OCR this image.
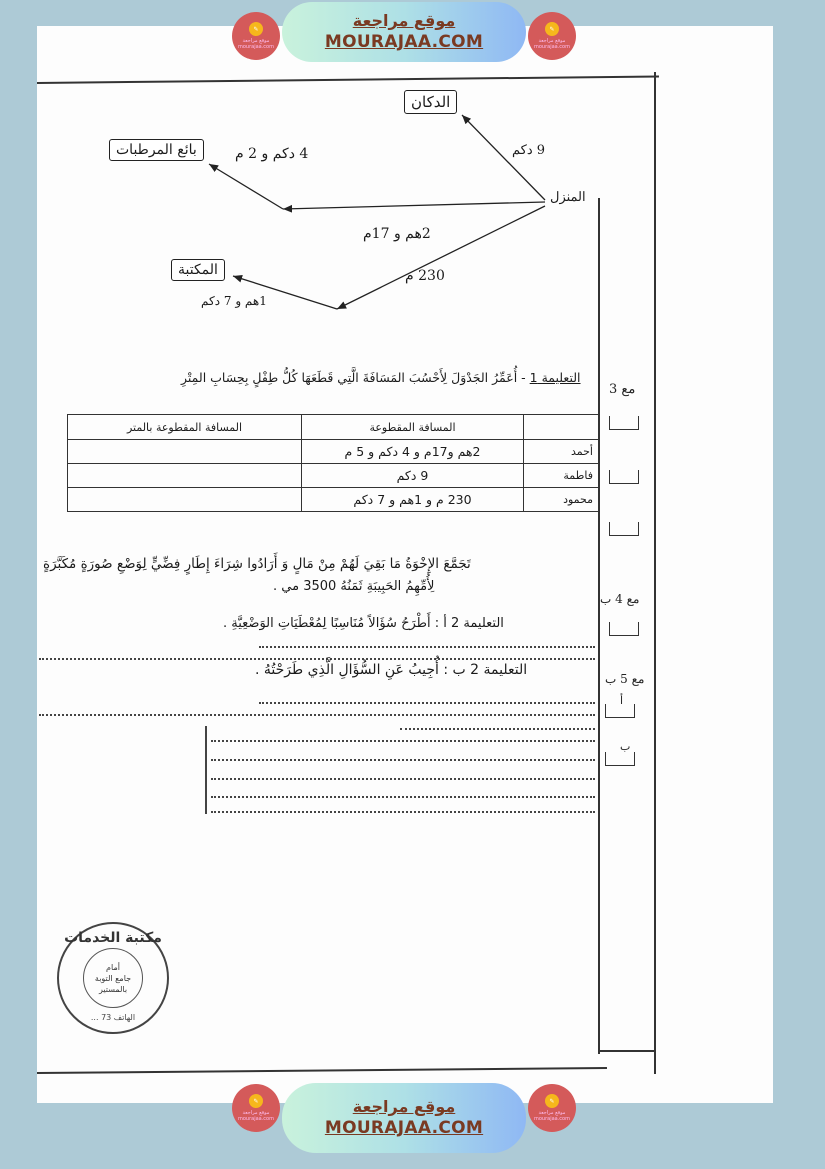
✎
موقع مراجعة mourajaa.com
موقع مراجعة
MOURAJAA.COM
✎
موقع مراجعة mourajaa.com
الدكان
بائع المرطبات
المنزل
المكتبة
9 دكم
4 دكم و 2 م
2هم و 17م
230 م
1هم و 7 دكم
التعليمة 1 - أُعَمِّرُ الجَدْوَلَ لِأَحْسُبَ المَسَافَةَ الَّتِي قَطَعَهَا كُلُّ طِفْلٍ بِحِسَابِ المِتْرِ
	المسافة المقطوعة	المسافة المقطوعة بالمتر
أحمد	2هم و17م و 4 دكم و 5 م	
فاطمة	9 دكم	
محمود	230 م و 1هم و 7 دكم	
تَجَمَّعَ الإِخْوَةُ مَا بَقِيَ لَهُمْ مِنْ مَالٍ وَ أَرَادُوا شِرَاءَ إِطَارٍ فِضِّيٍّ لِوَضْعِ صُورَةٍ مُكَبَّرَةٍ
لِأُمِّهِمُ الحَبِيبَةِ ثَمَنُهُ 3500 مي .
التعليمة 2 أ : أَطْرَحُ سُؤَالاً مُنَاسِبًا لِمُعْطَيَاتِ الوَضْعِيَّةِ .
التعليمة 2 ب : أُجِيبُ عَنِ السُّؤَالِ الَّذِي طَرَحْتُهُ .
مع 3
مع 4 ب
مع 5 ب
أ
ب
مكتبة الخدمات
أمام
جامع التوبة
بالمستير
الهاتف 73 ...
✎
موقع مراجعة mourajaa.com
موقع مراجعة
MOURAJAA.COM
✎
موقع مراجعة mourajaa.com
